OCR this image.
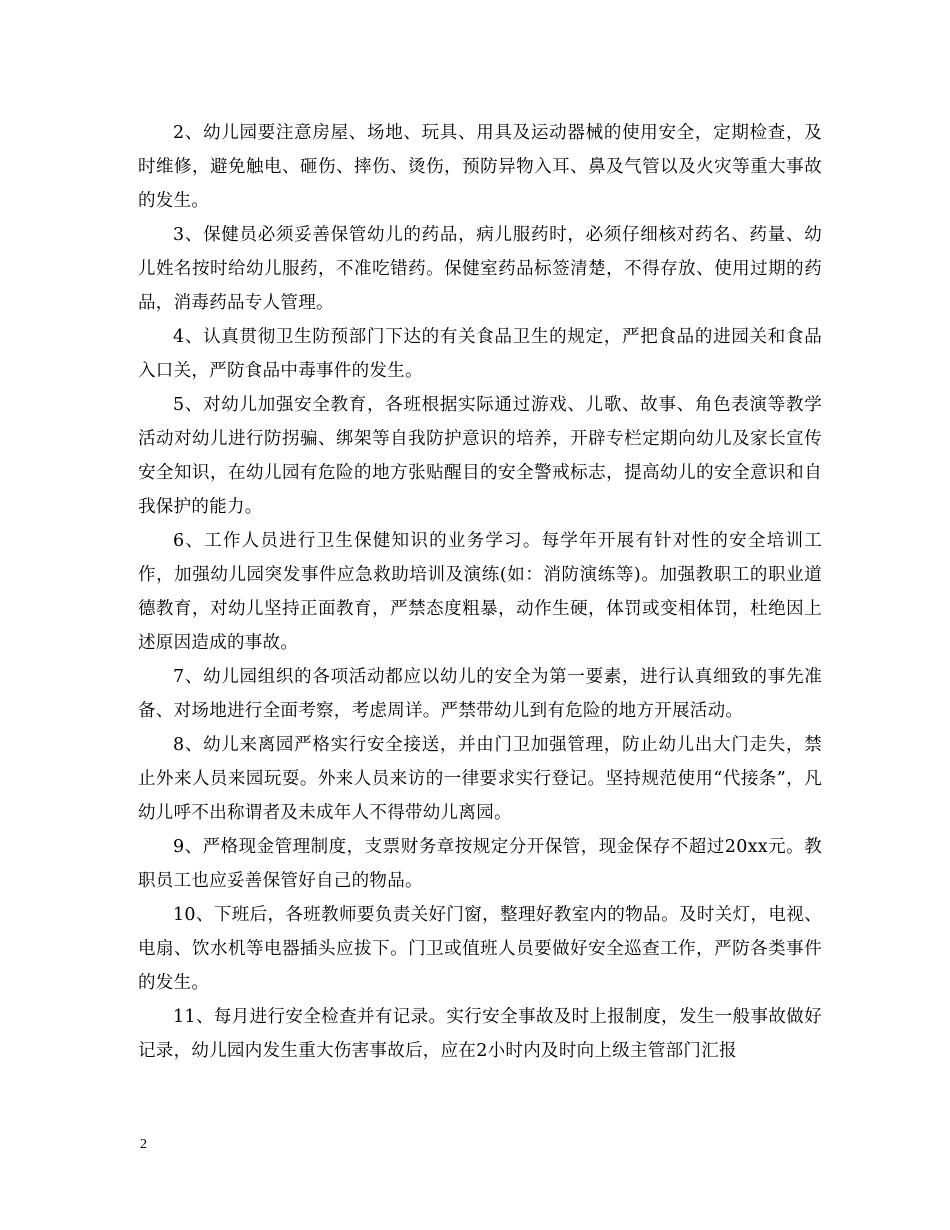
2、幼儿园要注意房屋、场地、玩具、用具及运动器械的使用安全，定期检查，及时维修，避免触电、砸伤、摔伤、烫伤，预防异物入耳、鼻及气管以及火灾等重大事故的发生。

3、保健员必须妥善保管幼儿的药品，病儿服药时，必须仔细核对药名、药量、幼儿姓名按时给幼儿服药，不准吃错药。保健室药品标签清楚，不得存放、使用过期的药品，消毒药品专人管理。

4、认真贯彻卫生防预部门下达的有关食品卫生的规定，严把食品的进园关和食品入口关，严防食品中毒事件的发生。

5、对幼儿加强安全教育，各班根据实际通过游戏、儿歌、故事、角色表演等教学活动对幼儿进行防拐骗、绑架等自我防护意识的培养，开辟专栏定期向幼儿及家长宣传安全知识，在幼儿园有危险的地方张贴醒目的安全警戒标志，提高幼儿的安全意识和自我保护的能力。

6、工作人员进行卫生保健知识的业务学习。每学年开展有针对性的安全培训工作，加强幼儿园突发事件应急救助培训及演练(如：消防演练等)。加强教职工的职业道德教育，对幼儿坚持正面教育，严禁态度粗暴，动作生硬，体罚或变相体罚，杜绝因上述原因造成的事故。

7、幼儿园组织的各项活动都应以幼儿的安全为第一要素，进行认真细致的事先准备、对场地进行全面考察，考虑周详。严禁带幼儿到有危险的地方开展活动。

8、幼儿来离园严格实行安全接送，并由门卫加强管理，防止幼儿出大门走失，禁止外来人员来园玩耍。外来人员来访的一律要求实行登记。坚持规范使用“代接条”，凡幼儿呼不出称谓者及未成年人不得带幼儿离园。

9、严格现金管理制度，支票财务章按规定分开保管，现金保存不超过20xx元。教职员工也应妥善保管好自己的物品。

10、下班后，各班教师要负责关好门窗，整理好教室内的物品。及时关灯，电视、电扇、饮水机等电器插头应拔下。门卫或值班人员要做好安全巡查工作，严防各类事件的发生。

11、每月进行安全检查并有记录。实行安全事故及时上报制度，发生一般事故做好记录，幼儿园内发生重大伤害事故后，应在2小时内及时向上级主管部门汇报

2
